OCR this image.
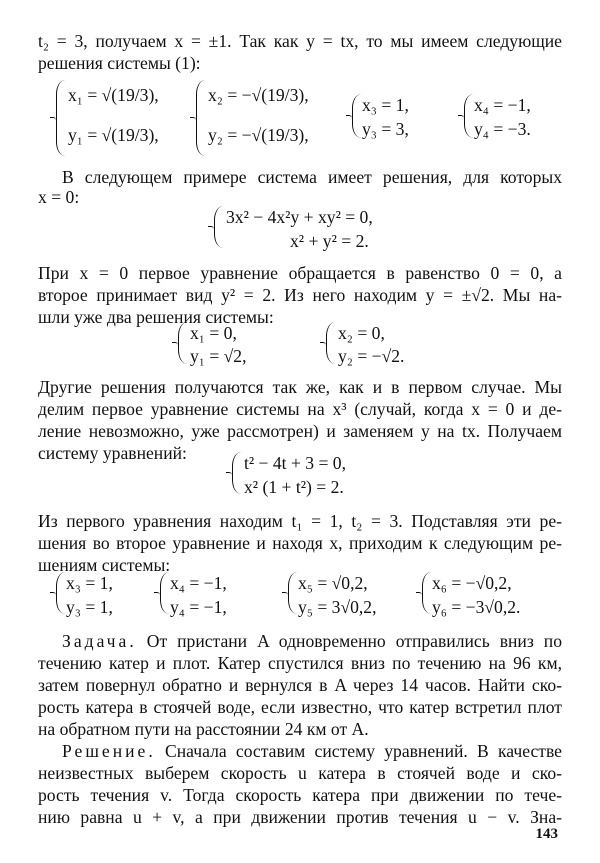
t₂ = 3, получаем x = ±1. Так как y = tx, то мы имеем следующие
решения системы (1):
x₁ = √(19/3),
y₁ = √(19/3),
x₂ = −√(19/3),
y₂ = −√(19/3),
x₃ = 1,
y₃ = 3,
x₄ = −1,
y₄ = −3.
В следующем примере система имеет решения, для которых
x = 0:
3x² − 4x²y + xy² = 0,
x² + y² = 2.
При x = 0 первое уравнение обращается в равенство 0 = 0, а
второе принимает вид y² = 2. Из него находим y = ±√2. Мы на-
шли уже два решения системы:
x₁ = 0,
y₁ = √2,
x₂ = 0,
y₂ = −√2.
Другие решения получаются так же, как и в первом случае. Мы
делим первое уравнение системы на x³ (случай, когда x = 0 и де-
ление невозможно, уже рассмотрен) и заменяем y на tx. Получаем
систему уравнений:	t² − 4t + 3 = 0,
x² (1 + t²) = 2.
Из первого уравнения находим t₁ = 1, t₂ = 3. Подставляя эти ре-
шения во второе уравнение и находя x, приходим к следующим ре-
шениям системы:
x₃ = 1,
y₃ = 1,
x₄ = −1,
y₄ = −1,
x₅ = √0,2,
y₅ = 3√0,2,
x₆ = −√0,2,
y₆ = −3√0,2.
Задача. От пристани A одновременно отправились вниз по
течению катер и плот. Катер спустился вниз по течению на 96 км,
затем повернул обратно и вернулся в A через 14 часов. Найти ско-
рость катера в стоячей воде, если известно, что катер встретил плот
на обратном пути на расстоянии 24 км от A.
Решение. Сначала составим систему уравнений. В качестве
неизвестных выберем скорость u катера в стоячей воде и ско-
рость течения v. Тогда скорость катера при движении по тече-
нию равна u + v, а при движении против течения u − v. Зна-
143
